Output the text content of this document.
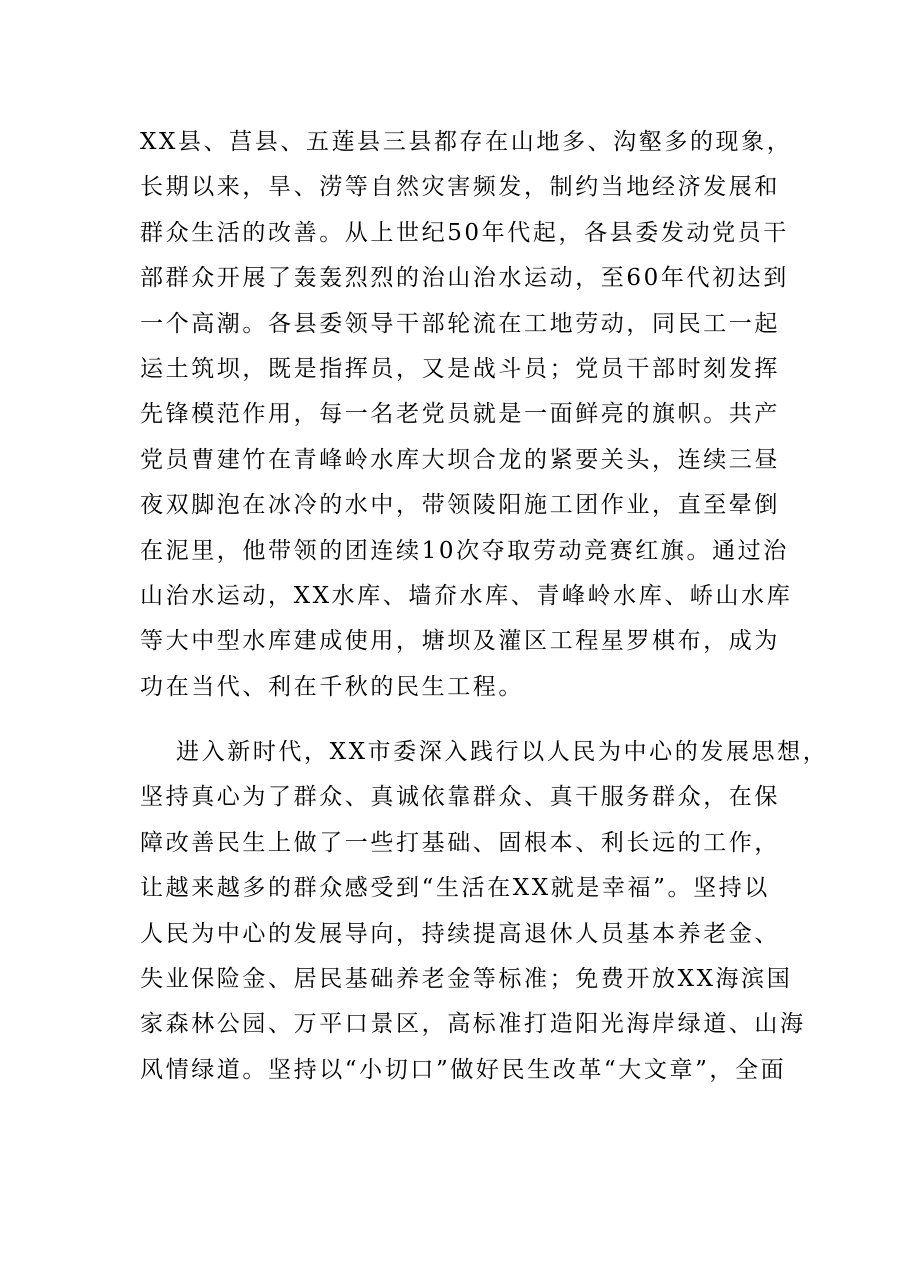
XX县、莒县、五莲县三县都存在山地多、沟壑多的现象，
长期以来，旱、涝等自然灾害频发，制约当地经济发展和
群众生活的改善。从上世纪50年代起，各县委发动党员干
部群众开展了轰轰烈烈的治山治水运动，至60年代初达到
一个高潮。各县委领导干部轮流在工地劳动，同民工一起
运土筑坝，既是指挥员，又是战斗员；党员干部时刻发挥
先锋模范作用，每一名老党员就是一面鲜亮的旗帜。共产
党员曹建竹在青峰岭水库大坝合龙的紧要关头，连续三昼
夜双脚泡在冰冷的水中，带领陵阳施工团作业，直至晕倒
在泥里，他带领的团连续10次夺取劳动竞赛红旗。通过治
山治水运动，XX水库、墙夼水库、青峰岭水库、峤山水库
等大中型水库建成使用，塘坝及灌区工程星罗棋布，成为
功在当代、利在千秋的民生工程。
进入新时代，XX市委深入践行以人民为中心的发展思想，
坚持真心为了群众、真诚依靠群众、真干服务群众，在保
障改善民生上做了一些打基础、固根本、利长远的工作，
让越来越多的群众感受到“生活在XX就是幸福”。坚持以
人民为中心的发展导向，持续提高退休人员基本养老金、
失业保险金、居民基础养老金等标准；免费开放XX海滨国
家森林公园、万平口景区，高标准打造阳光海岸绿道、山海
风情绿道。坚持以“小切口”做好民生改革“大文章”，全面
